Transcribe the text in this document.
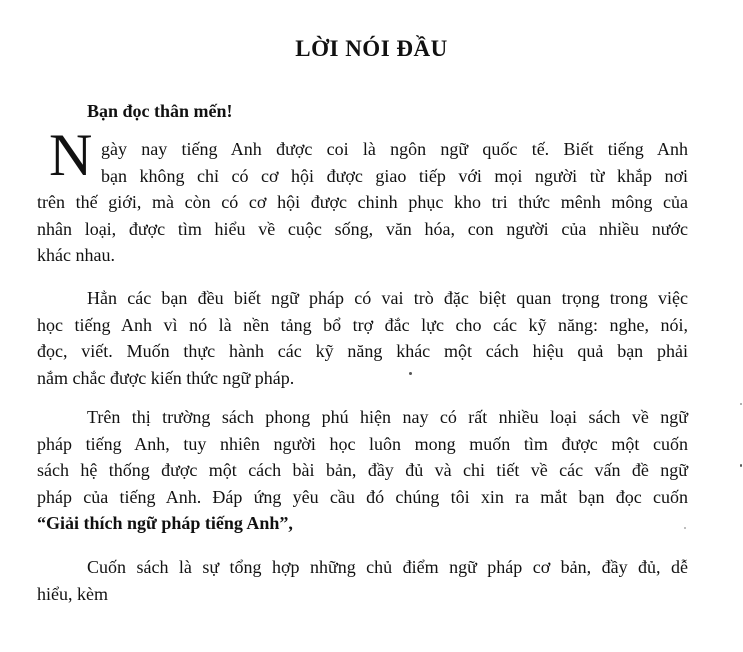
LỜI NÓI ĐẦU
Bạn đọc thân mến!
N gày nay tiếng Anh được coi là ngôn ngữ quốc tế. Biết tiếng Anh
bạn không chỉ có cơ hội được giao tiếp với mọi người từ khắp nơi
trên thế giới, mà còn có cơ hội được chinh phục kho tri thức mênh mông của
nhân loại, được tìm hiểu về cuộc sống, văn hóa, con người của nhiều nước
khác nhau.
Hẳn các bạn đều biết ngữ pháp có vai trò đặc biệt quan trọng trong việc
học tiếng Anh vì nó là nền tảng bổ trợ đắc lực cho các kỹ năng: nghe, nói,
đọc, viết. Muốn thực hành các kỹ năng khác một cách hiệu quả bạn phải
nắm chắc được kiến thức ngữ pháp.
Trên thị trường sách phong phú hiện nay có rất nhiều loại sách về ngữ
pháp tiếng Anh, tuy nhiên người học luôn mong muốn tìm được một cuốn
sách hệ thống được một cách bài bản, đầy đủ và chi tiết về các vấn đề ngữ
pháp của tiếng Anh. Đáp ứng yêu cầu đó chúng tôi xin ra mắt bạn đọc cuốn
“Giải thích ngữ pháp tiếng Anh”,
Cuốn sách là sự tổng hợp những chủ điểm ngữ pháp cơ bản, đầy đủ, dễ
hiểu, kèm
